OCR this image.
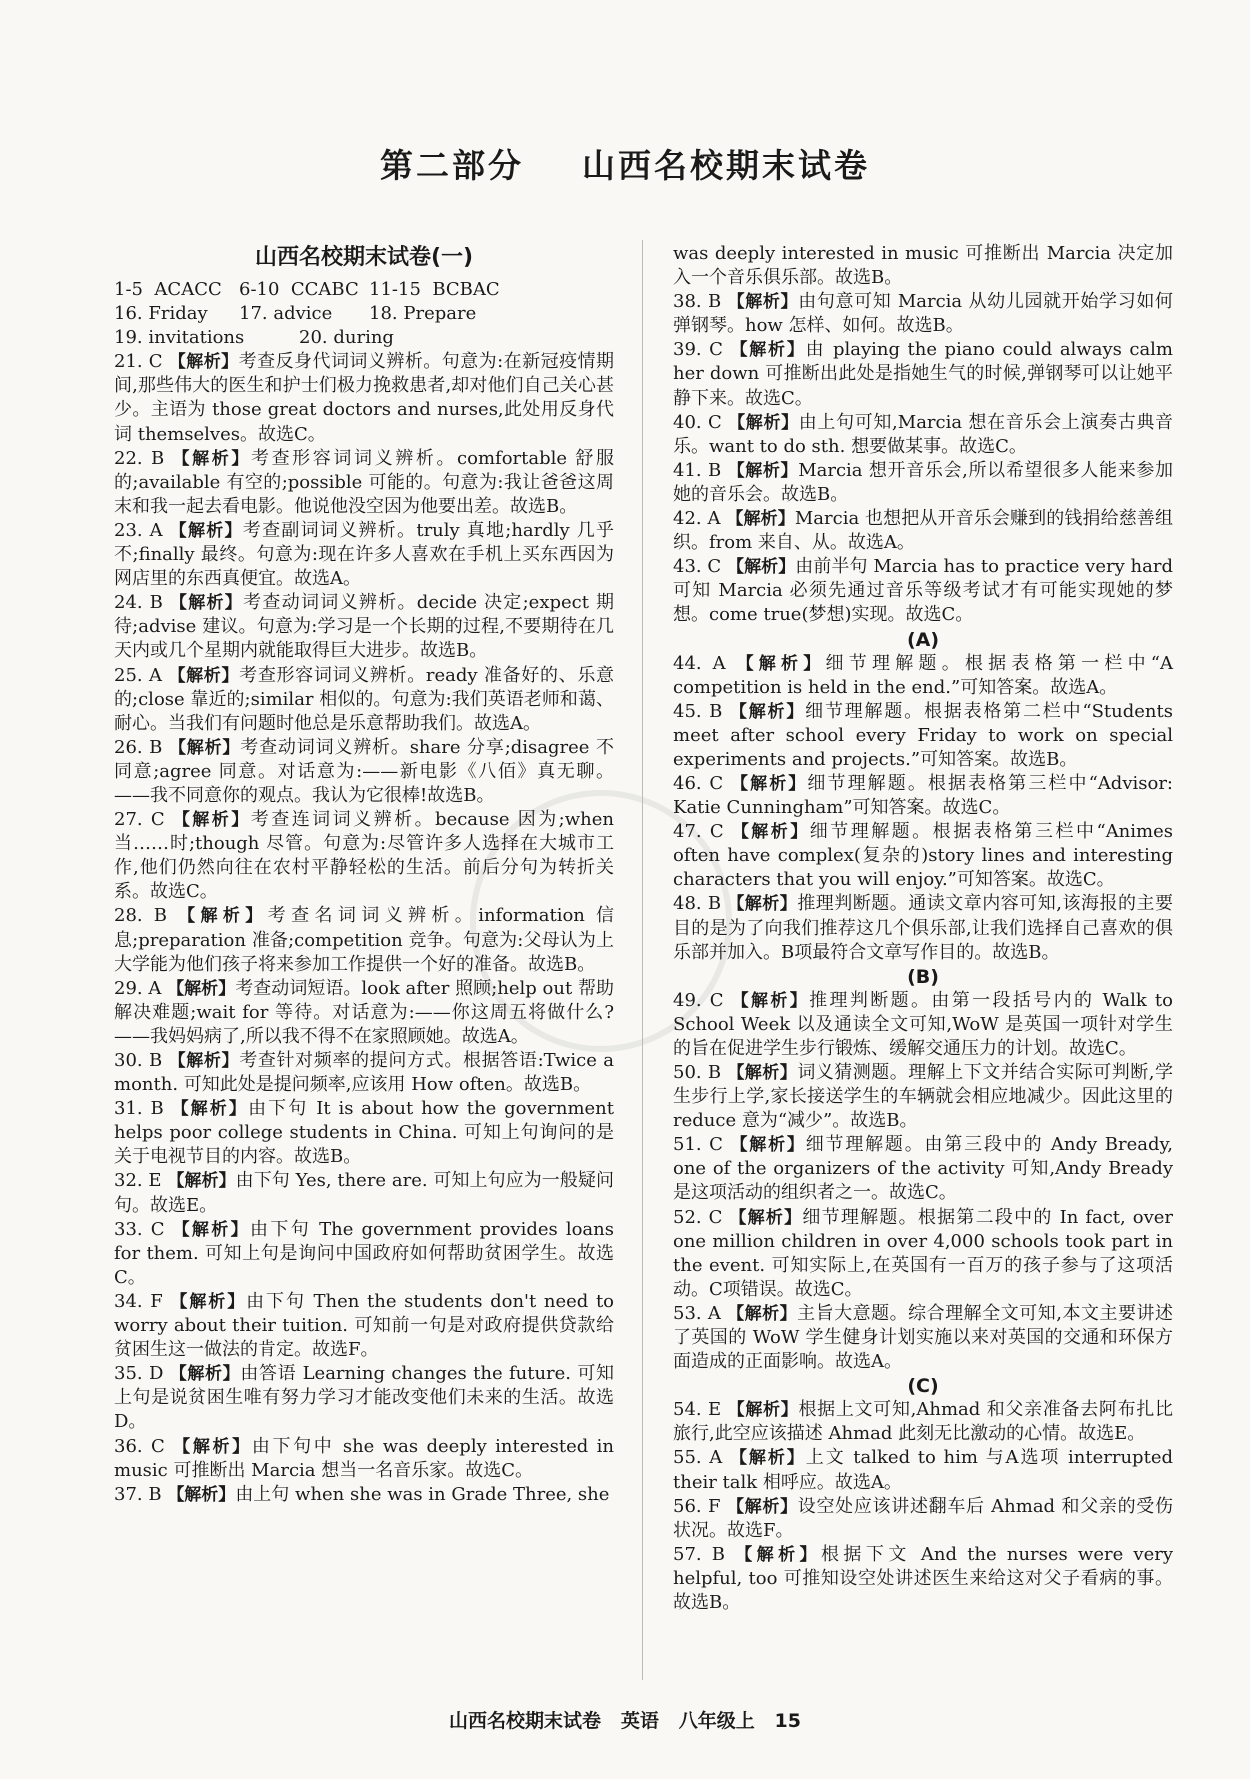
第二部分    山西名校期末试卷
山西名校期末试卷(一)
1-5  ACACC 6-10  CCABC 11-15  BCBAC
16. Friday	17. advice	18. Prepare
19. invitations	20. during

21. C 【解析】考查反身代词词义辨析。句意为:在新冠疫情期间,那些伟大的医生和护士们极力挽救患者,却对他们自己关心甚少。主语为 those great doctors and nurses,此处用反身代词 themselves。故选C。

22. B 【解析】考查形容词词义辨析。comfortable 舒服的;available 有空的;possible 可能的。句意为:我让爸爸这周末和我一起去看电影。他说他没空因为他要出差。故选B。

23. A 【解析】考查副词词义辨析。truly 真地;hardly 几乎不;finally 最终。句意为:现在许多人喜欢在手机上买东西因为网店里的东西真便宜。故选A。

24. B 【解析】考查动词词义辨析。decide 决定;expect 期待;advise 建议。句意为:学习是一个长期的过程,不要期待在几天内或几个星期内就能取得巨大进步。故选B。

25. A 【解析】考查形容词词义辨析。ready 准备好的、乐意的;close 靠近的;similar 相似的。句意为:我们英语老师和蔼、耐心。当我们有问题时他总是乐意帮助我们。故选A。

26. B 【解析】考查动词词义辨析。share 分享;disagree 不同意;agree 同意。对话意为:——新电影《八佰》真无聊。——我不同意你的观点。我认为它很棒!故选B。

27. C 【解析】考查连词词义辨析。because 因为;when 当……时;though 尽管。句意为:尽管许多人选择在大城市工作,他们仍然向往在农村平静轻松的生活。前后分句为转折关系。故选C。

28. B 【解析】考查名词词义辨析。information 信息;preparation 准备;competition 竞争。句意为:父母认为上大学能为他们孩子将来参加工作提供一个好的准备。故选B。

29. A 【解析】考查动词短语。look after 照顾;help out 帮助解决难题;wait for 等待。对话意为:——你这周五将做什么?——我妈妈病了,所以我不得不在家照顾她。故选A。

30. B 【解析】考查针对频率的提问方式。根据答语:Twice a month. 可知此处是提问频率,应该用 How often。故选B。

31. B 【解析】由下句 It is about how the government helps poor college students in China. 可知上句询问的是关于电视节目的内容。故选B。

32. E 【解析】由下句 Yes, there are. 可知上句应为一般疑问句。故选E。

33. C 【解析】由下句 The government provides loans for them. 可知上句是询问中国政府如何帮助贫困学生。故选C。

34. F 【解析】由下句 Then the students don't need to worry about their tuition. 可知前一句是对政府提供贷款给贫困生这一做法的肯定。故选F。

35. D 【解析】由答语 Learning changes the future. 可知上句是说贫困生唯有努力学习才能改变他们未来的生活。故选D。

36. C 【解析】由下句中 she was deeply interested in music 可推断出 Marcia 想当一名音乐家。故选C。

37. B 【解析】由上句 when she was in Grade Three, she

was deeply interested in music 可推断出 Marcia 决定加入一个音乐俱乐部。故选B。

38. B 【解析】由句意可知 Marcia 从幼儿园就开始学习如何弹钢琴。how 怎样、如何。故选B。

39. C 【解析】由 playing the piano could always calm her down 可推断出此处是指她生气的时候,弹钢琴可以让她平静下来。故选C。

40. C 【解析】由上句可知,Marcia 想在音乐会上演奏古典音乐。want to do sth. 想要做某事。故选C。

41. B 【解析】Marcia 想开音乐会,所以希望很多人能来参加她的音乐会。故选B。

42. A 【解析】Marcia 也想把从开音乐会赚到的钱捐给慈善组织。from 来自、从。故选A。

43. C 【解析】由前半句 Marcia has to practice very hard 可知 Marcia 必须先通过音乐等级考试才有可能实现她的梦想。come true(梦想)实现。故选C。

(A)

44. A 【解析】细节理解题。根据表格第一栏中“A competition is held in the end.”可知答案。故选A。

45. B 【解析】细节理解题。根据表格第二栏中“Students meet after school every Friday to work on special experiments and projects.”可知答案。故选B。

46. C 【解析】细节理解题。根据表格第三栏中“Advisor: Katie Cunningham”可知答案。故选C。

47. C 【解析】细节理解题。根据表格第三栏中“Animes often have complex(复杂的)story lines and interesting characters that you will enjoy.”可知答案。故选C。

48. B 【解析】推理判断题。通读文章内容可知,该海报的主要目的是为了向我们推荐这几个俱乐部,让我们选择自己喜欢的俱乐部并加入。B项最符合文章写作目的。故选B。

(B)

49. C 【解析】推理判断题。由第一段括号内的 Walk to School Week 以及通读全文可知,WoW 是英国一项针对学生的旨在促进学生步行锻炼、缓解交通压力的计划。故选C。

50. B 【解析】词义猜测题。理解上下文并结合实际可判断,学生步行上学,家长接送学生的车辆就会相应地减少。因此这里的 reduce 意为“减少”。故选B。

51. C 【解析】细节理解题。由第三段中的 Andy Bready, one of the organizers of the activity 可知,Andy Bready 是这项活动的组织者之一。故选C。

52. C 【解析】细节理解题。根据第二段中的 In fact, over one million children in over 4,000 schools took part in the event. 可知实际上,在英国有一百万的孩子参与了这项活动。C项错误。故选C。

53. A 【解析】主旨大意题。综合理解全文可知,本文主要讲述了英国的 WoW 学生健身计划实施以来对英国的交通和环保方面造成的正面影响。故选A。

(C)

54. E 【解析】根据上文可知,Ahmad 和父亲准备去阿布扎比旅行,此空应该描述 Ahmad 此刻无比激动的心情。故选E。

55. A 【解析】上文 talked to him 与A选项 interrupted their talk 相呼应。故选A。

56. F 【解析】设空处应该讲述翻车后 Ahmad 和父亲的受伤状况。故选F。

57. B 【解析】根据下文 And the nurses were very helpful, too 可推知设空处讲述医生来给这对父子看病的事。故选B。

山西名校期末试卷   英语   八年级上   15
